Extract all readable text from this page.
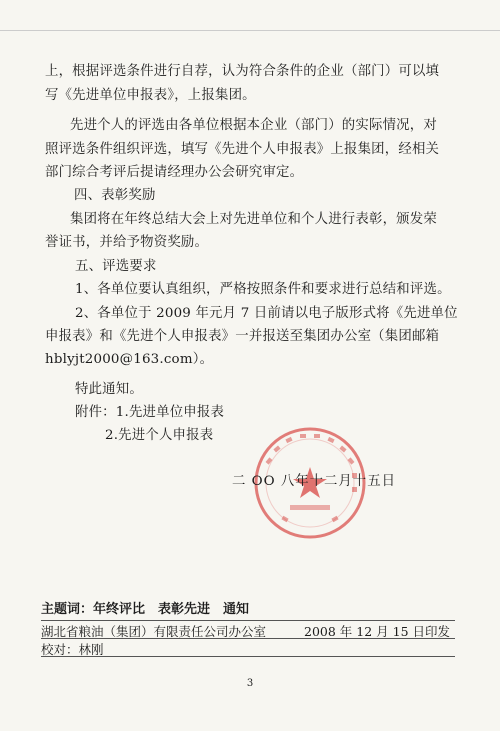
上，根据评选条件进行自荐，认为符合条件的企业（部门）可以填
写《先进单位申报表》，上报集团。
先进个人的评选由各单位根据本企业（部门）的实际情况，对
照评选条件组织评选，填写《先进个人申报表》上报集团，经相关
部门综合考评后提请经理办公会研究审定。
四、表彰奖励
集团将在年终总结大会上对先进单位和个人进行表彰，颁发荣
誉证书，并给予物资奖励。
五、评选要求
1、各单位要认真组织，严格按照条件和要求进行总结和评选。
2、各单位于 2009 年元月 7 日前请以电子版形式将《先进单位
申报表》和《先进个人申报表》一并报送至集团办公室（集团邮箱
hblyjt2000@163.com）。
特此通知。
附件：1.先进单位申报表
2.先进个人申报表
二 OO 八年十二月十五日
主题词：年终评比　表彰先进　通知
湖北省粮油（集团）有限责任公司办公室	2008 年 12 月 15 日印发
校对：林刚
3
